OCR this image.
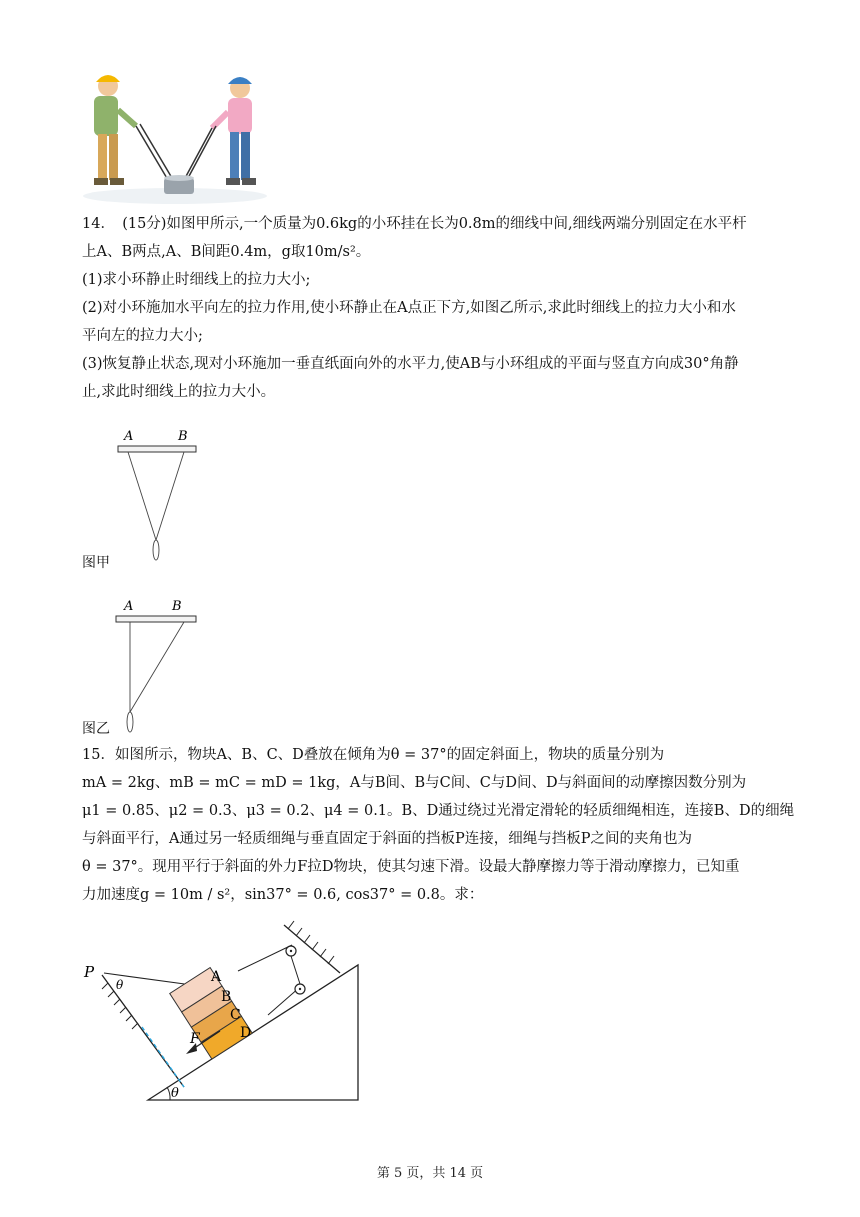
14．　(15分)如图甲所示,一个质量为0.6kg的小环挂在长为0.8m的细线中间,细线两端分别固定在水平杆
上A、B两点,A、B间距0.4m，g取10m/s²。
(1)求小环静止时细线上的拉力大小;
(2)对小环施加水平向左的拉力作用,使小环静止在A点正下方,如图乙所示,求此时细线上的拉力大小和水
平向左的拉力大小;
(3)恢复静止状态,现对小环施加一垂直纸面向外的水平力,使AB与小环组成的平面与竖直方向成30°角静
止,求此时细线上的拉力大小。
A	B
图甲
A	B
图乙
15．如图所示，物块A、B、C、D叠放在倾角为θ = 37°的固定斜面上，物块的质量分别为
mA = 2kg、mB = mC = mD = 1kg，A与B间、B与C间、C与D间、D与斜面间的动摩擦因数分别为
μ1 = 0.85、μ2 = 0.3、μ3 = 0.2、μ4 = 0.1。B、D通过绕过光滑定滑轮的轻质细绳相连，连接B、D的细绳
与斜面平行，A通过另一轻质细绳与垂直固定于斜面的挡板P连接，细绳与挡板P之间的夹角也为
θ = 37°。现用平行于斜面的外力F拉D物块，使其匀速下滑。设最大静摩擦力等于滑动摩擦力，已知重
力加速度g = 10m / s²，sin37° = 0.6, cos37° = 0.8。求：
θ
P
θ	A
B
C
D
F
第 5 页，共 14 页
